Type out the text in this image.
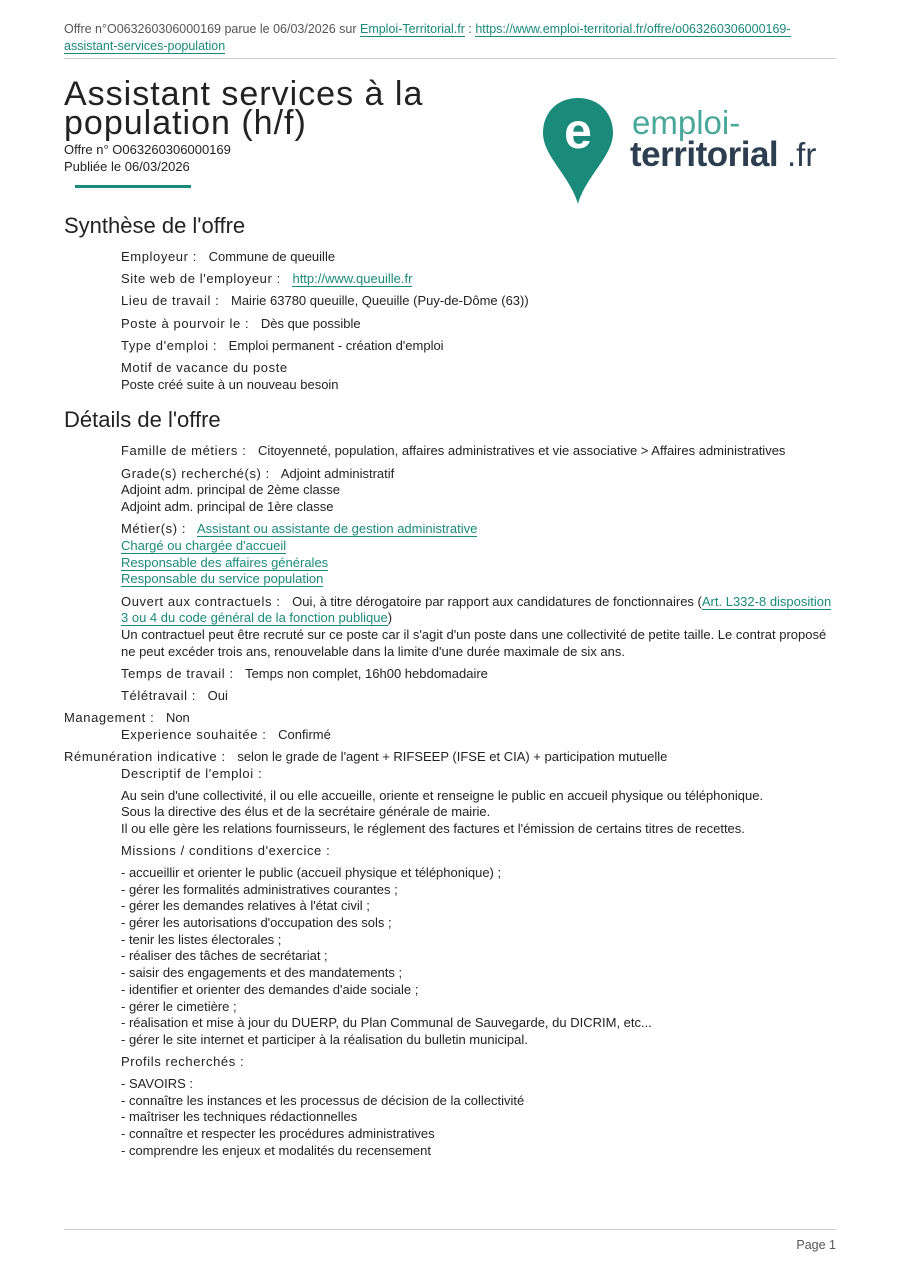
Offre n°O063260306000169 parue le 06/03/2026 sur Emploi-Territorial.fr : https://www.emploi-territorial.fr/offre/o063260306000169-assistant-services-population
Assistant services à la
population (h/f)
Offre n° O063260306000169
Publiée le 06/03/2026
e emploi-
territorial .fr
Synthèse de l'offre
Employeur : Commune de queuille
Site web de l'employeur : http://www.queuille.fr
Lieu de travail : Mairie 63780 queuille, Queuille (Puy-de-Dôme (63))
Poste à pourvoir le : Dès que possible
Type d'emploi : Emploi permanent - création d'emploi
Motif de vacance du poste
Poste créé suite à un nouveau besoin
Détails de l'offre
Famille de métiers : Citoyenneté, population, affaires administratives et vie associative > Affaires administratives
Grade(s) recherché(s) : Adjoint administratif
Adjoint adm. principal de 2ème classe
Adjoint adm. principal de 1ère classe
Métier(s) : Assistant ou assistante de gestion administrative
Chargé ou chargée d'accueil
Responsable des affaires générales
Responsable du service population
Ouvert aux contractuels : Oui, à titre dérogatoire par rapport aux candidatures de fonctionnaires (Art. L332-8 disposition 3 ou 4 du code général de la fonction publique)
Un contractuel peut être recruté sur ce poste car il s'agit d'un poste dans une collectivité de petite taille. Le contrat proposé ne peut excéder trois ans, renouvelable dans la limite d'une durée maximale de six ans.
Temps de travail : Temps non complet, 16h00 hebdomadaire
Télétravail : Oui
Management : Non
Experience souhaitée : Confirmé
Rémunération indicative : selon le grade de l'agent + RIFSEEP (IFSE et CIA) + participation mutuelle
Descriptif de l'emploi :
Au sein d'une collectivité, il ou elle accueille, oriente et renseigne le public en accueil physique ou téléphonique.
Sous la directive des élus et de la secrétaire générale de mairie.
Il ou elle gère les relations fournisseurs, le réglement des factures et l'émission de certains titres de recettes.
Missions / conditions d'exercice :
- accueillir et orienter le public (accueil physique et téléphonique) ;
- gérer les formalités administratives courantes ;
- gérer les demandes relatives à l'état civil ;
- gérer les autorisations d'occupation des sols ;
- tenir les listes électorales ;
- réaliser des tâches de secrétariat ;
- saisir des engagements et des mandatements ;
- identifier et orienter des demandes d'aide sociale ;
- gérer le cimetière ;
- réalisation et mise à jour du DUERP, du Plan Communal de Sauvegarde, du DICRIM, etc...
- gérer le site internet et participer à la réalisation du bulletin municipal.
Profils recherchés :
- SAVOIRS :
- connaître les instances et les processus de décision de la collectivité
- maîtriser les techniques rédactionnelles
- connaître et respecter les procédures administratives
- comprendre les enjeux et modalités du recensement
Page 1
